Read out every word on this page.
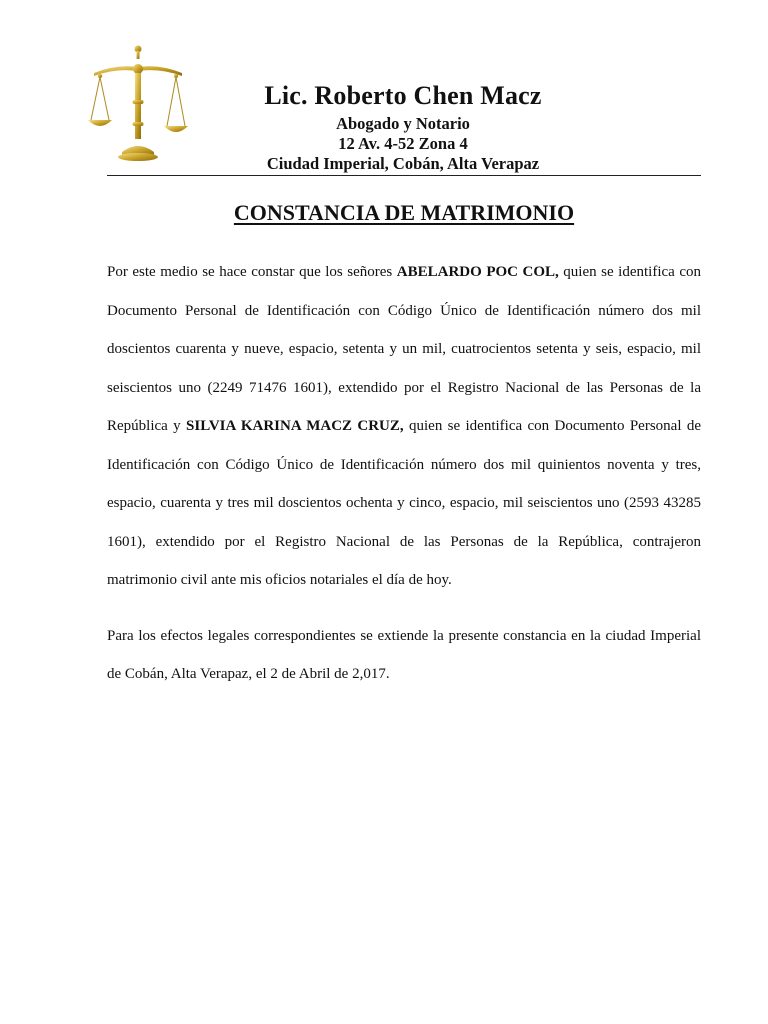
Lic. Roberto Chen Macz
Abogado y Notario
12 Av. 4-52 Zona 4
Ciudad Imperial, Cobán, Alta Verapaz
CONSTANCIA DE MATRIMONIO

Por este medio se hace constar que los señores ABELARDO POC COL, quien se identifica con Documento Personal de Identificación con Código Único de Identificación número dos mil doscientos cuarenta y nueve, espacio, setenta y un mil, cuatrocientos setenta y seis, espacio, mil seiscientos uno (2249 71476 1601), extendido por el Registro Nacional de las Personas de la República y SILVIA KARINA MACZ CRUZ, quien se identifica con Documento Personal de Identificación con Código Único de Identificación número dos mil quinientos noventa y tres, espacio, cuarenta y tres mil doscientos ochenta y cinco, espacio, mil seiscientos uno (2593 43285 1601), extendido por el Registro Nacional de las Personas de la República, contrajeron matrimonio civil ante mis oficios notariales el día de hoy.

Para los efectos legales correspondientes se extiende la presente constancia en la ciudad Imperial de Cobán, Alta Verapaz, el 2 de Abril de 2,017.
